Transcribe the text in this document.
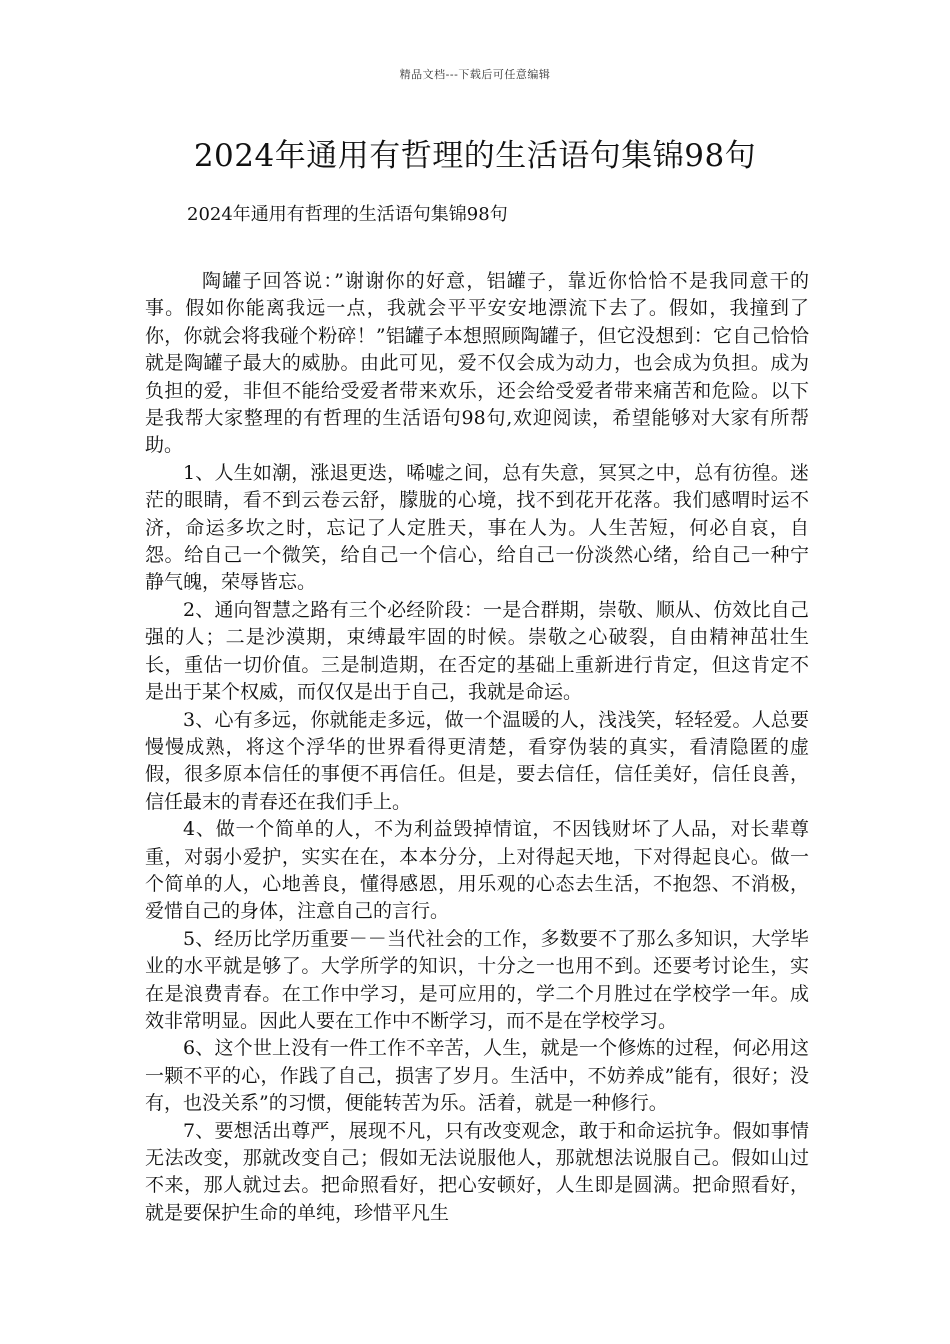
精品文档---下载后可任意编辑
2024年通用有哲理的生活语句集锦98句

2024年通用有哲理的生活语句集锦98句

陶罐子回答说：”谢谢你的好意，铝罐子，靠近你恰恰不是我同意干的事。假如你能离我远一点，我就会平平安安地漂流下去了。假如，我撞到了你，你就会将我碰个粉碎！”铝罐子本想照顾陶罐子，但它没想到：它自己恰恰就是陶罐子最大的威胁。由此可见，爱不仅会成为动力，也会成为负担。成为负担的爱，非但不能给受爱者带来欢乐，还会给受爱者带来痛苦和危险。以下是我帮大家整理的有哲理的生活语句98句,欢迎阅读，希望能够对大家有所帮助。

1、人生如潮，涨退更迭，唏嘘之间，总有失意，冥冥之中，总有彷徨。迷茫的眼睛，看不到云卷云舒，朦胧的心境，找不到花开花落。我们感喟时运不济，命运多坎之时，忘记了人定胜天，事在人为。人生苦短，何必自哀，自怨。给自己一个微笑，给自己一个信心，给自己一份淡然心绪，给自己一种宁静气魄，荣辱皆忘。

2、通向智慧之路有三个必经阶段：一是合群期，崇敬、顺从、仿效比自己强的人；二是沙漠期，束缚最牢固的时候。崇敬之心破裂，自由精神茁壮生长，重估一切价值。三是制造期，在否定的基础上重新进行肯定，但这肯定不是出于某个权威，而仅仅是出于自己，我就是命运。

3、心有多远，你就能走多远，做一个温暖的人，浅浅笑，轻轻爱。人总要慢慢成熟，将这个浮华的世界看得更清楚，看穿伪装的真实，看清隐匿的虚假，很多原本信任的事便不再信任。但是，要去信任，信任美好，信任良善，信任最末的青春还在我们手上。

4、做一个简单的人，不为利益毁掉情谊，不因钱财坏了人品，对长辈尊重，对弱小爱护，实实在在，本本分分，上对得起天地，下对得起良心。做一个简单的人，心地善良，懂得感恩，用乐观的心态去生活，不抱怨、不消极，爱惜自己的身体，注意自己的言行。

5、经历比学历重要－－当代社会的工作，多数要不了那么多知识，大学毕业的水平就是够了。大学所学的知识，十分之一也用不到。还要考讨论生，实在是浪费青春。在工作中学习，是可应用的，学二个月胜过在学校学一年。成效非常明显。因此人要在工作中不断学习，而不是在学校学习。

6、这个世上没有一件工作不辛苦，人生，就是一个修炼的过程，何必用这一颗不平的心，作践了自己，损害了岁月。生活中，不妨养成”能有，很好；没有，也没关系”的习惯，便能转苦为乐。活着，就是一种修行。

7、要想活出尊严，展现不凡，只有改变观念，敢于和命运抗争。假如事情无法改变，那就改变自己；假如无法说服他人，那就想法说服自己。假如山过不来，那人就过去。把命照看好，把心安顿好，人生即是圆满。把命照看好，就是要保护生命的单纯，珍惜平凡生
